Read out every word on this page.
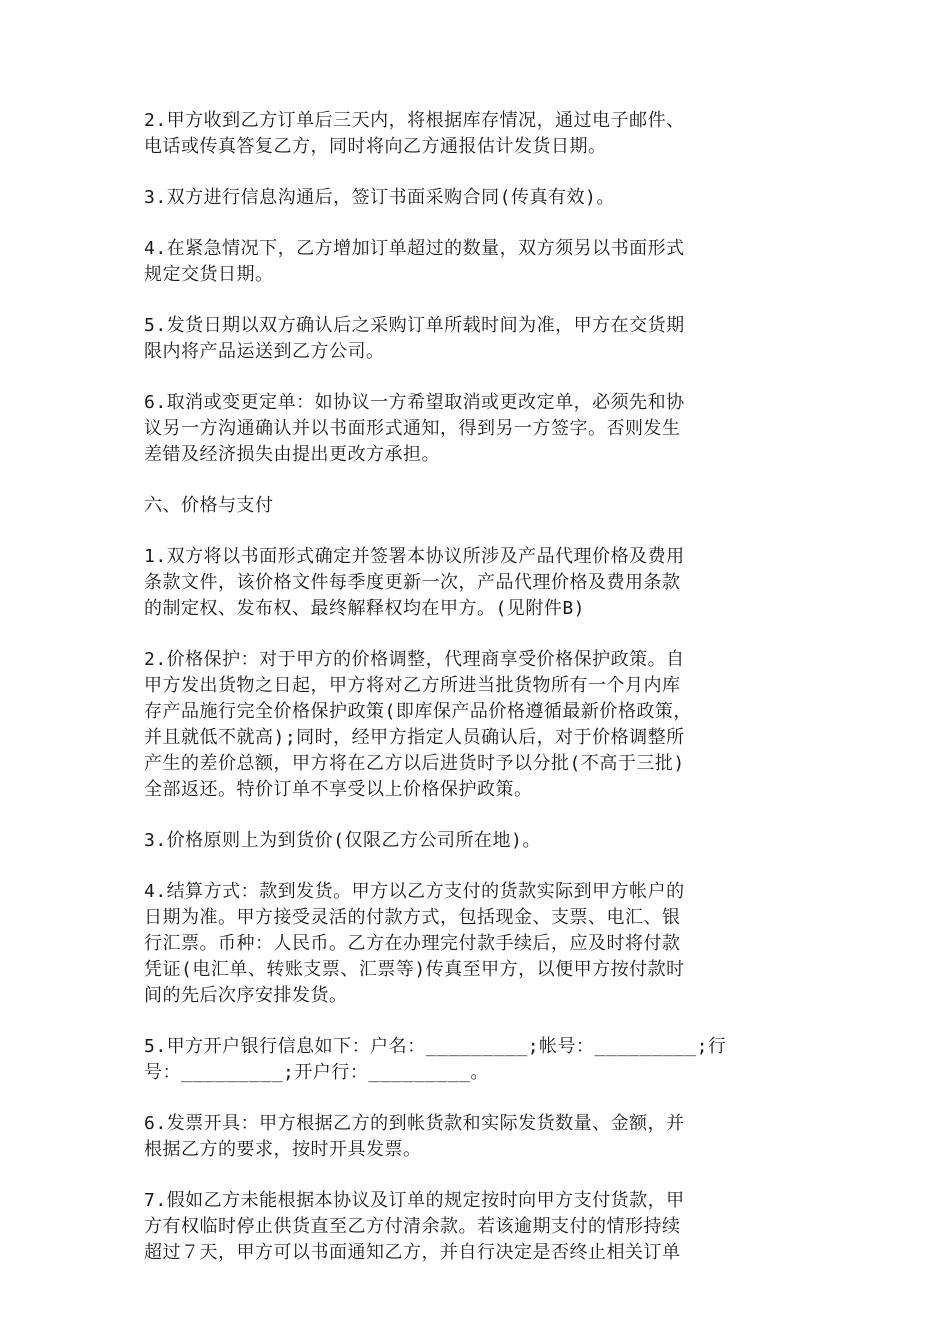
2.甲方收到乙方订单后三天内，将根据库存情况，通过电子邮件、
电话或传真答复乙方，同时将向乙方通报估计发货日期。
3.双方进行信息沟通后，签订书面采购合同(传真有效)。
4.在紧急情况下，乙方增加订单超过的数量，双方须另以书面形式
规定交货日期。
5.发货日期以双方确认后之采购订单所载时间为准，甲方在交货期
限内将产品运送到乙方公司。
6.取消或变更定单：如协议一方希望取消或更改定单，必须先和协
议另一方沟通确认并以书面形式通知，得到另一方签字。否则发生
差错及经济损失由提出更改方承担。
六、价格与支付
1.双方将以书面形式确定并签署本协议所涉及产品代理价格及费用
条款文件，该价格文件每季度更新一次，产品代理价格及费用条款
的制定权、发布权、最终解释权均在甲方。(见附件B)
2.价格保护：对于甲方的价格调整，代理商享受价格保护政策。自
甲方发出货物之日起，甲方将对乙方所进当批货物所有一个月内库
存产品施行完全价格保护政策(即库保产品价格遵循最新价格政策，
并且就低不就高);同时，经甲方指定人员确认后，对于价格调整所
产生的差价总额，甲方将在乙方以后进货时予以分批(不高于三批)
全部返还。特价订单不享受以上价格保护政策。
3.价格原则上为到货价(仅限乙方公司所在地)。
4.结算方式：款到发货。甲方以乙方支付的货款实际到甲方帐户的
日期为准。甲方接受灵活的付款方式，包括现金、支票、电汇、银
行汇票。币种：人民币。乙方在办理完付款手续后，应及时将付款
凭证(电汇单、转账支票、汇票等)传真至甲方，以便甲方按付款时
间的先后次序安排发货。
5.甲方开户银行信息如下：户名：_________;帐号：_________;行
号：_________;开户行：_________。
6.发票开具：甲方根据乙方的到帐货款和实际发货数量、金额，并
根据乙方的要求，按时开具发票。
7.假如乙方未能根据本协议及订单的规定按时向甲方支付货款，甲
方有权临时停止供货直至乙方付清余款。若该逾期支付的情形持续
超过７天，甲方可以书面通知乙方，并自行决定是否终止相关订单
